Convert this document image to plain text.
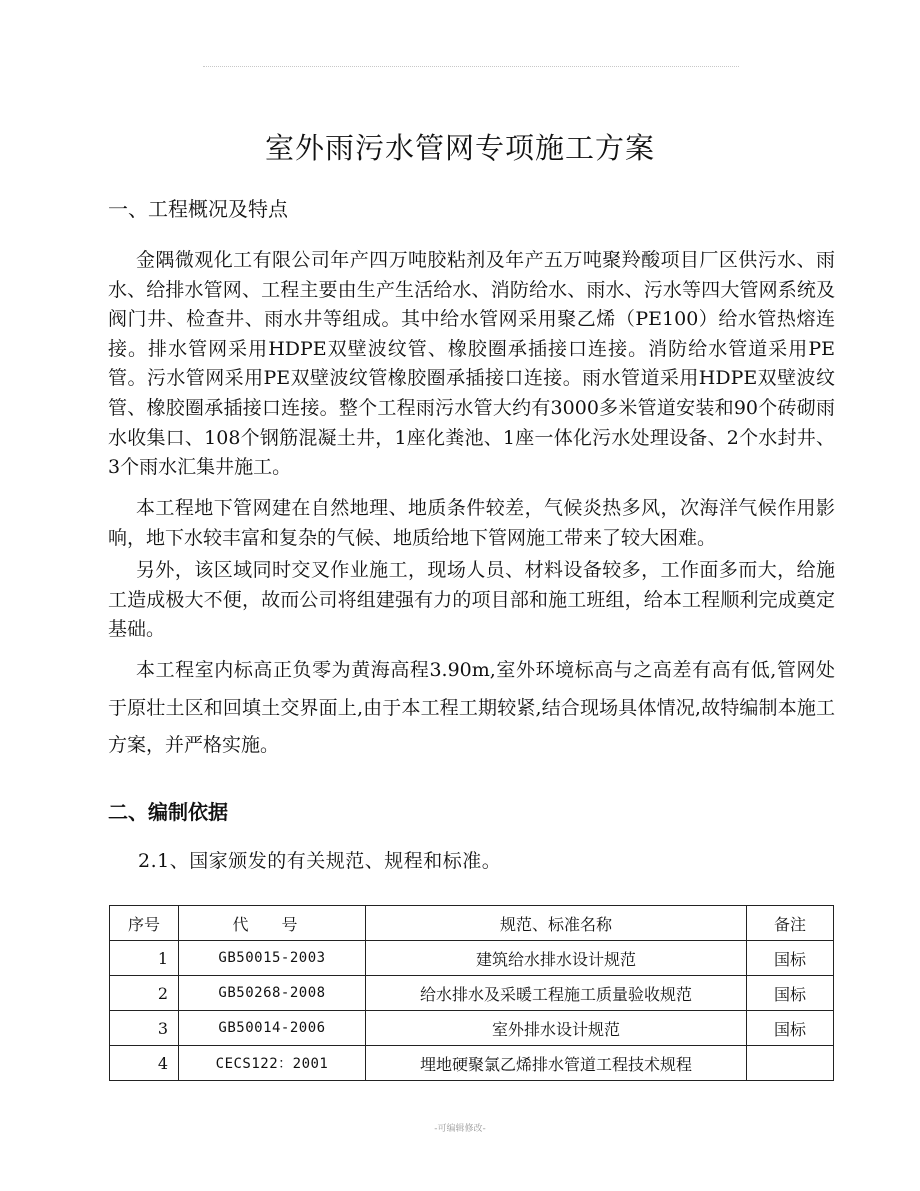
室外雨污水管网专项施工方案
一、工程概况及特点

金隅微观化工有限公司年产四万吨胶粘剂及年产五万吨聚羚酸项目厂区供污水、雨水、给排水管网、工程主要由生产生活给水、消防给水、雨水、污水等四大管网系统及阀门井、检查井、雨水井等组成。其中给水管网采用聚乙烯（PE100）给水管热熔连接。排水管网采用HDPE双壁波纹管、橡胶圈承插接口连接。消防给水管道采用PE管。污水管网采用PE双壁波纹管橡胶圈承插接口连接。雨水管道采用HDPE双壁波纹管、橡胶圈承插接口连接。整个工程雨污水管大约有3000多米管道安装和90个砖砌雨水收集口、108个钢筋混凝土井，1座化粪池、1座一体化污水处理设备、2个水封井、3个雨水汇集井施工。

本工程地下管网建在自然地理、地质条件较差，气候炎热多风，次海洋气候作用影响，地下水较丰富和复杂的气候、地质给地下管网施工带来了较大困难。

另外，该区域同时交叉作业施工，现场人员、材料设备较多，工作面多而大，给施工造成极大不便，故而公司将组建强有力的项目部和施工班组，给本工程顺利完成奠定基础。

本工程室内标高正负零为黄海高程3.90m,室外环境标高与之高差有高有低,管网处于原壮土区和回填土交界面上,由于本工程工期较紧,结合现场具体情况,故特编制本施工方案，并严格实施。

二、编制依据

2.1、国家颁发的有关规范、规程和标准。

序号	代 号	规范、标准名称	备注
1	GB50015-2003	建筑给水排水设计规范	国标
2	GB50268-2008	给水排水及采暖工程施工质量验收规范	国标
3	GB50014-2006	室外排水设计规范	国标
4	CECS122：2001	埋地硬聚氯乙烯排水管道工程技术规程	
-可编辑修改-
